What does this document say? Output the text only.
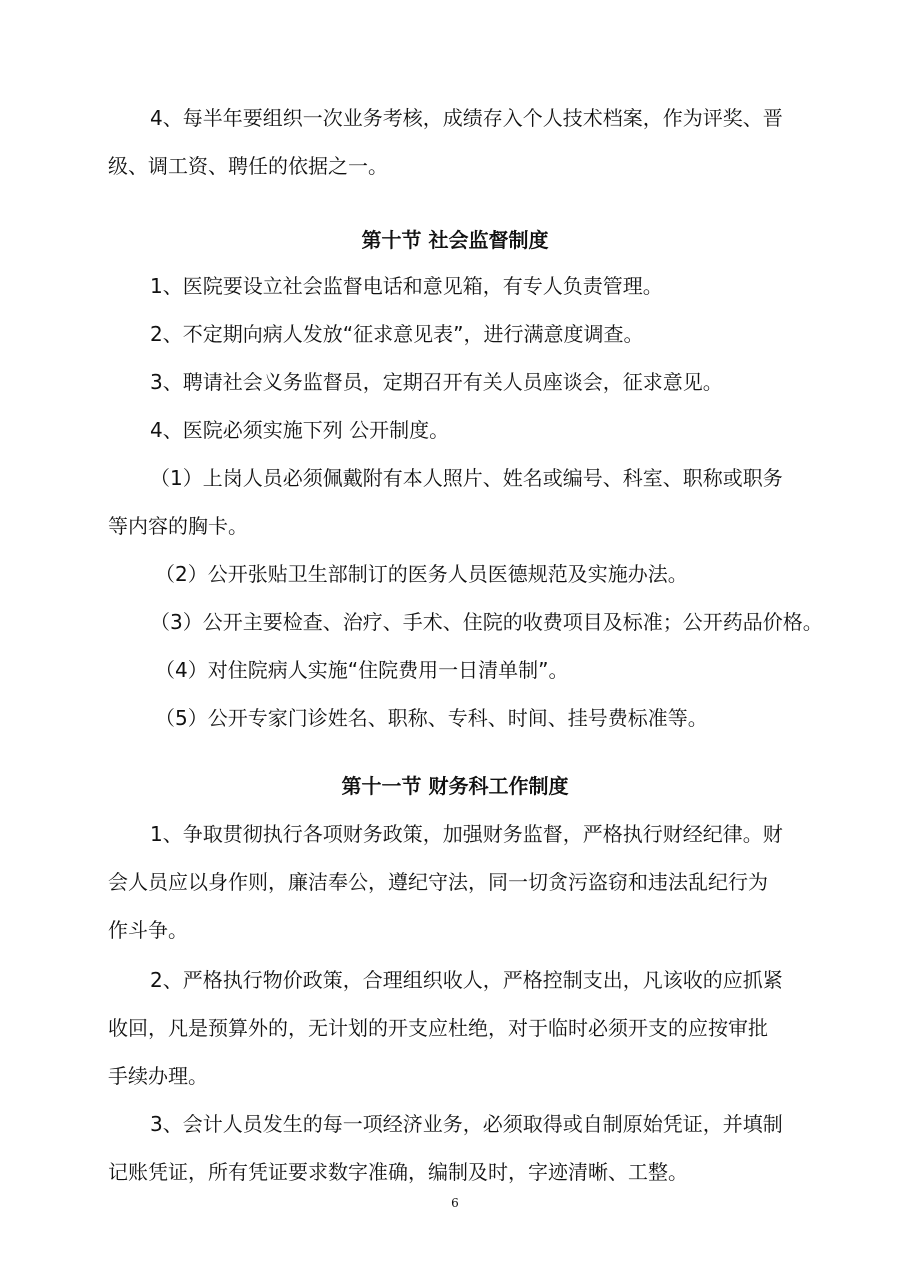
4、每半年要组织一次业务考核，成绩存入个人技术档案，作为评奖、晋
级、调工资、聘任的依据之一。
第十节 社会监督制度
1、医院要设立社会监督电话和意见箱，有专人负责管理。
2、不定期向病人发放“征求意见表”，进行满意度调查。
3、聘请社会义务监督员，定期召开有关人员座谈会，征求意见。
4、医院必须实施下列 公开制度。
（1）上岗人员必须佩戴附有本人照片、姓名或编号、科室、职称或职务
等内容的胸卡。
（2）公开张贴卫生部制订的医务人员医德规范及实施办法。
（3）公开主要检查、治疗、手术、住院的收费项目及标准；公开药品价格。
（4）对住院病人实施“住院费用一日清单制”。
（5）公开专家门诊姓名、职称、专科、时间、挂号费标准等。
第十一节 财务科工作制度
1、争取贯彻执行各项财务政策，加强财务监督，严格执行财经纪律。财
会人员应以身作则，廉洁奉公，遵纪守法，同一切贪污盗窃和违法乱纪行为
作斗争。
2、严格执行物价政策，合理组织收人，严格控制支出，凡该收的应抓紧
收回，凡是预算外的，无计划的开支应杜绝，对于临时必须开支的应按审批
手续办理。
3、会计人员发生的每一项经济业务，必须取得或自制原始凭证，并填制
记账凭证，所有凭证要求数字准确，编制及时，字迹清晰、工整。
6
